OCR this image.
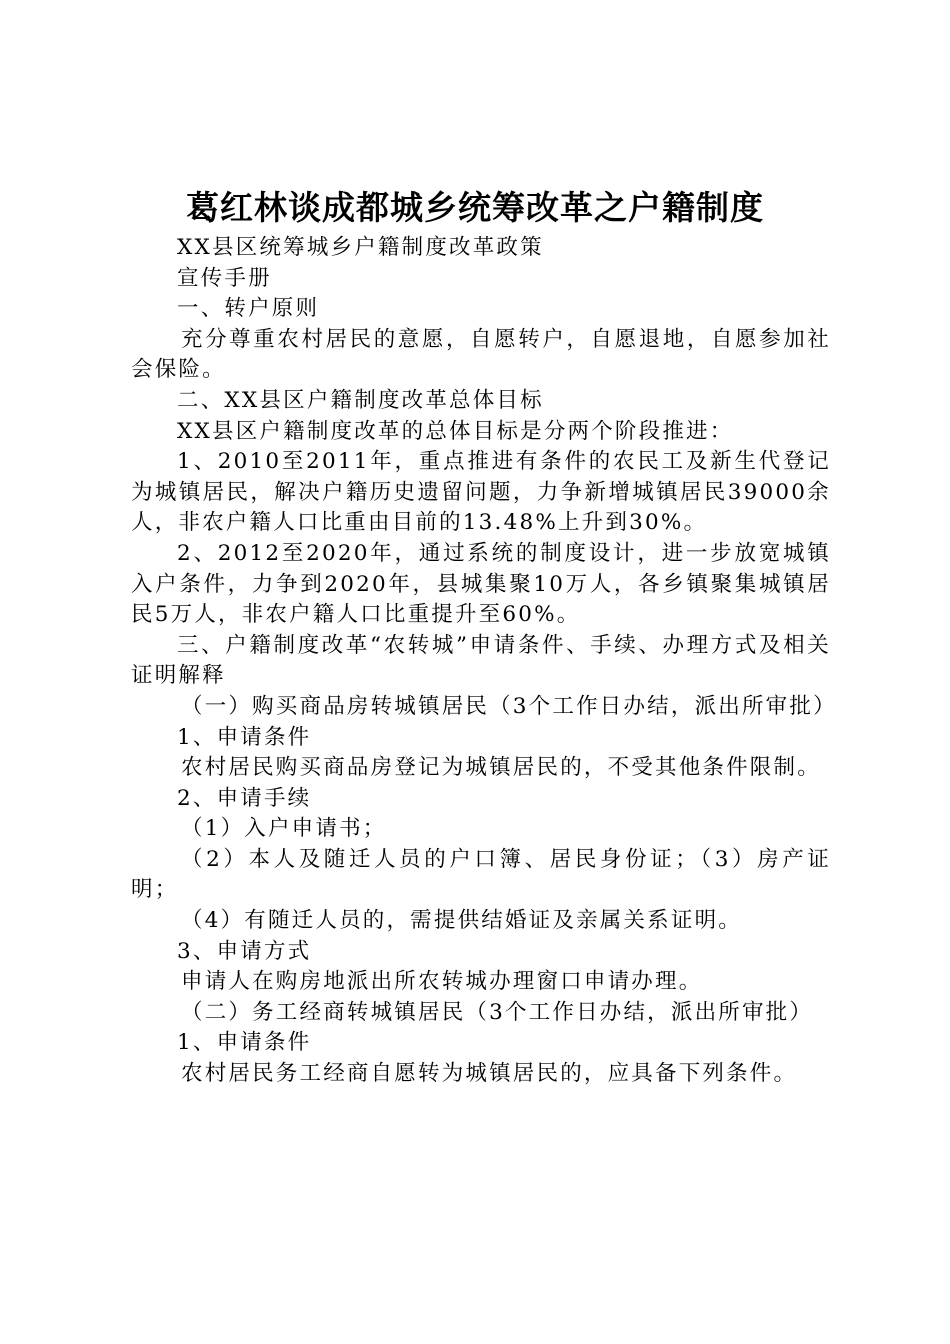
葛红林谈成都城乡统筹改革之户籍制度

XX县区统筹城乡户籍制度改革政策

宣传手册

一、转户原则

充分尊重农村居民的意愿，自愿转户，自愿退地，自愿参加社会保险。

二、XX县区户籍制度改革总体目标

XX县区户籍制度改革的总体目标是分两个阶段推进：

1、2010至2011年，重点推进有条件的农民工及新生代登记为城镇居民，解决户籍历史遗留问题，力争新增城镇居民39000余人，非农户籍人口比重由目前的13.48%上升到30%。

2、2012至2020年，通过系统的制度设计，进一步放宽城镇入户条件，力争到2020年，县城集聚10万人，各乡镇聚集城镇居民5万人，非农户籍人口比重提升至60%。

三、户籍制度改革“农转城”申请条件、手续、办理方式及相关证明解释

（一）购买商品房转城镇居民（3个工作日办结，派出所审批）

1、申请条件

农村居民购买商品房登记为城镇居民的，不受其他条件限制。

2、申请手续

（1）入户申请书；

（2）本人及随迁人员的户口簿、居民身份证；（3）房产证明；

（4）有随迁人员的，需提供结婚证及亲属关系证明。

3、申请方式

申请人在购房地派出所农转城办理窗口申请办理。

（二）务工经商转城镇居民（3个工作日办结，派出所审批）

1、申请条件

农村居民务工经商自愿转为城镇居民的，应具备下列条件。
